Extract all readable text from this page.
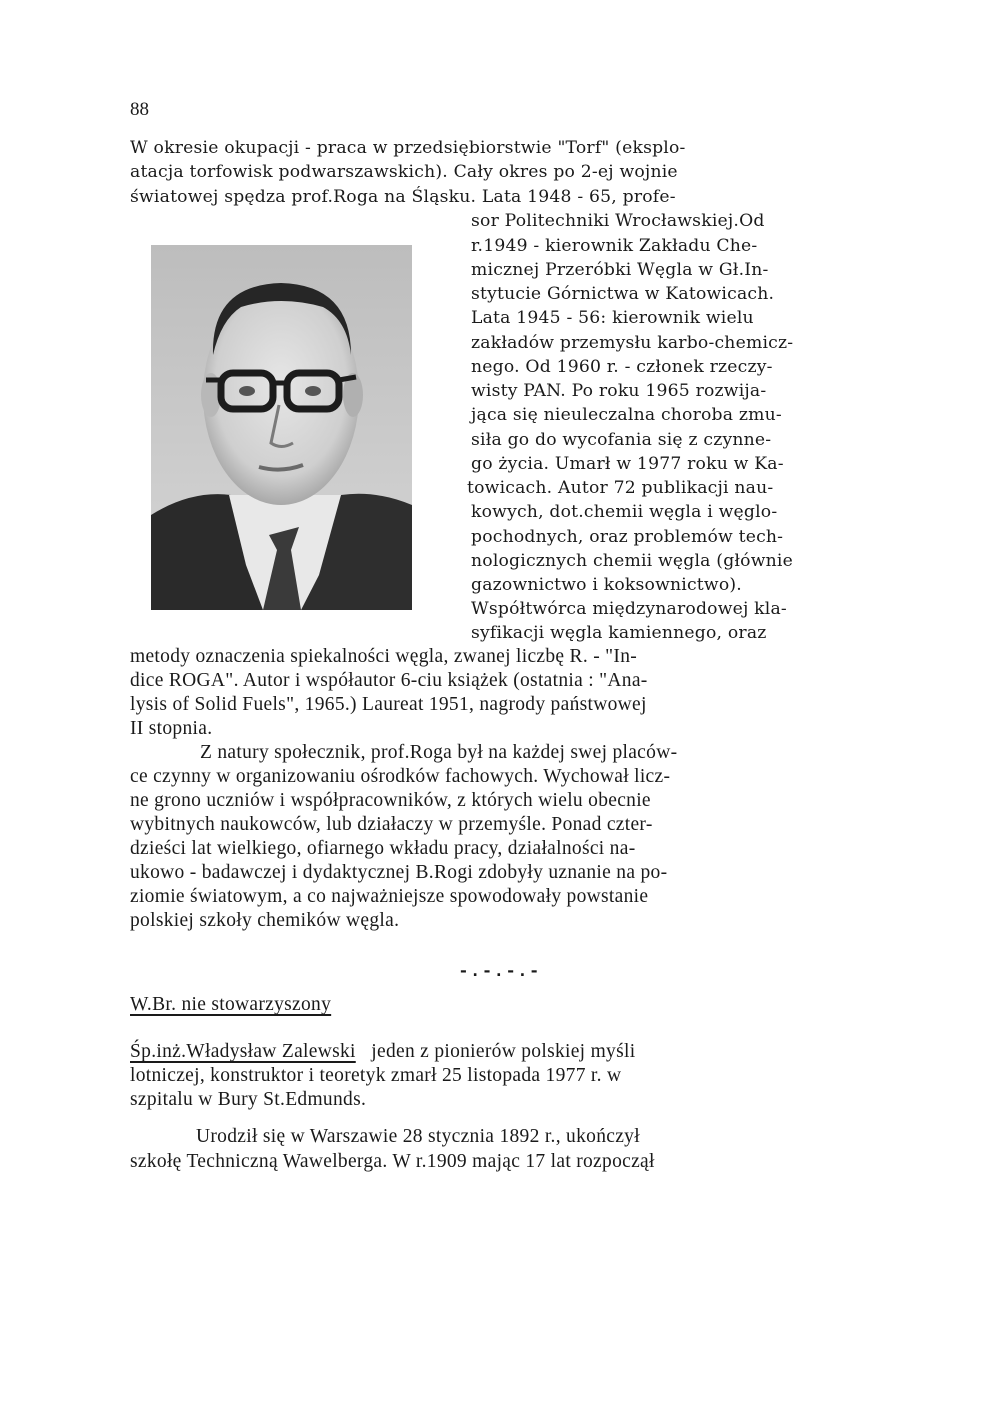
88
W okresie okupacji - praca w przedsiębiorstwie "Torf" (eksplo-
atacja torfowisk podwarszawskich). Cały okres po 2-ej wojnie
światowej spędza prof.Roga na Śląsku. Lata 1948 - 65, profe-
sor Politechniki Wrocławskiej.Od
r.1949 - kierownik Zakładu Che-
micznej Przeróbki Węgla w Gł.In-
stytucie Górnictwa w Katowicach.
Lata 1945 - 56: kierownik wielu
zakładów przemysłu karbo-chemicz-
nego. Od 1960 r. - członek rzeczy-
wisty PAN. Po roku 1965 rozwija-
jąca się nieuleczalna choroba zmu-
siła go do wycofania się z czynne-
go życia. Umarł w 1977 roku w Ka-
towicach. Autor 72 publikacji nau-
kowych, dot.chemii węgla i węglo-
pochodnych, oraz problemów tech-
nologicznych chemii węgla (głównie
gazownictwo i koksownictwo).
Współtwórca międzynarodowej kla-
syfikacji węgla kamiennego, oraz
metody oznaczenia spiekalności węgla, zwanej liczbę R. - "In-
dice ROGA". Autor i współautor 6-ciu książek (ostatnia : "Ana-
lysis of Solid Fuels", 1965.) Laureat 1951, nagrody państwowej
II stopnia.
Z natury społecznik, prof.Roga był na każdej swej placów-
ce czynny w organizowaniu ośrodków fachowych. Wychował licz-
ne grono uczniów i współpracowników, z których wielu obecnie
wybitnych naukowców, lub działaczy w przemyśle. Ponad czter-
dzieści lat wielkiego, ofiarnego wkładu pracy, działalności na-
ukowo - badawczej i dydaktycznej B.Rogi zdobyły uznanie na po-
ziomie światowym, a co najważniejsze spowodowały powstanie
polskiej szkoły chemików węgla.
-.-.-.-
W.Br. nie stowarzyszony
Śp.inż.Władysław Zalewski jeden z pionierów polskiej myśli
lotniczej, konstruktor i teoretyk zmarł 25 listopada 1977 r. w
szpitalu w Bury St.Edmunds.
Urodził się w Warszawie 28 stycznia 1892 r., ukończył
szkołę Techniczną Wawelberga. W r.1909 mając 17 lat rozpoczął
